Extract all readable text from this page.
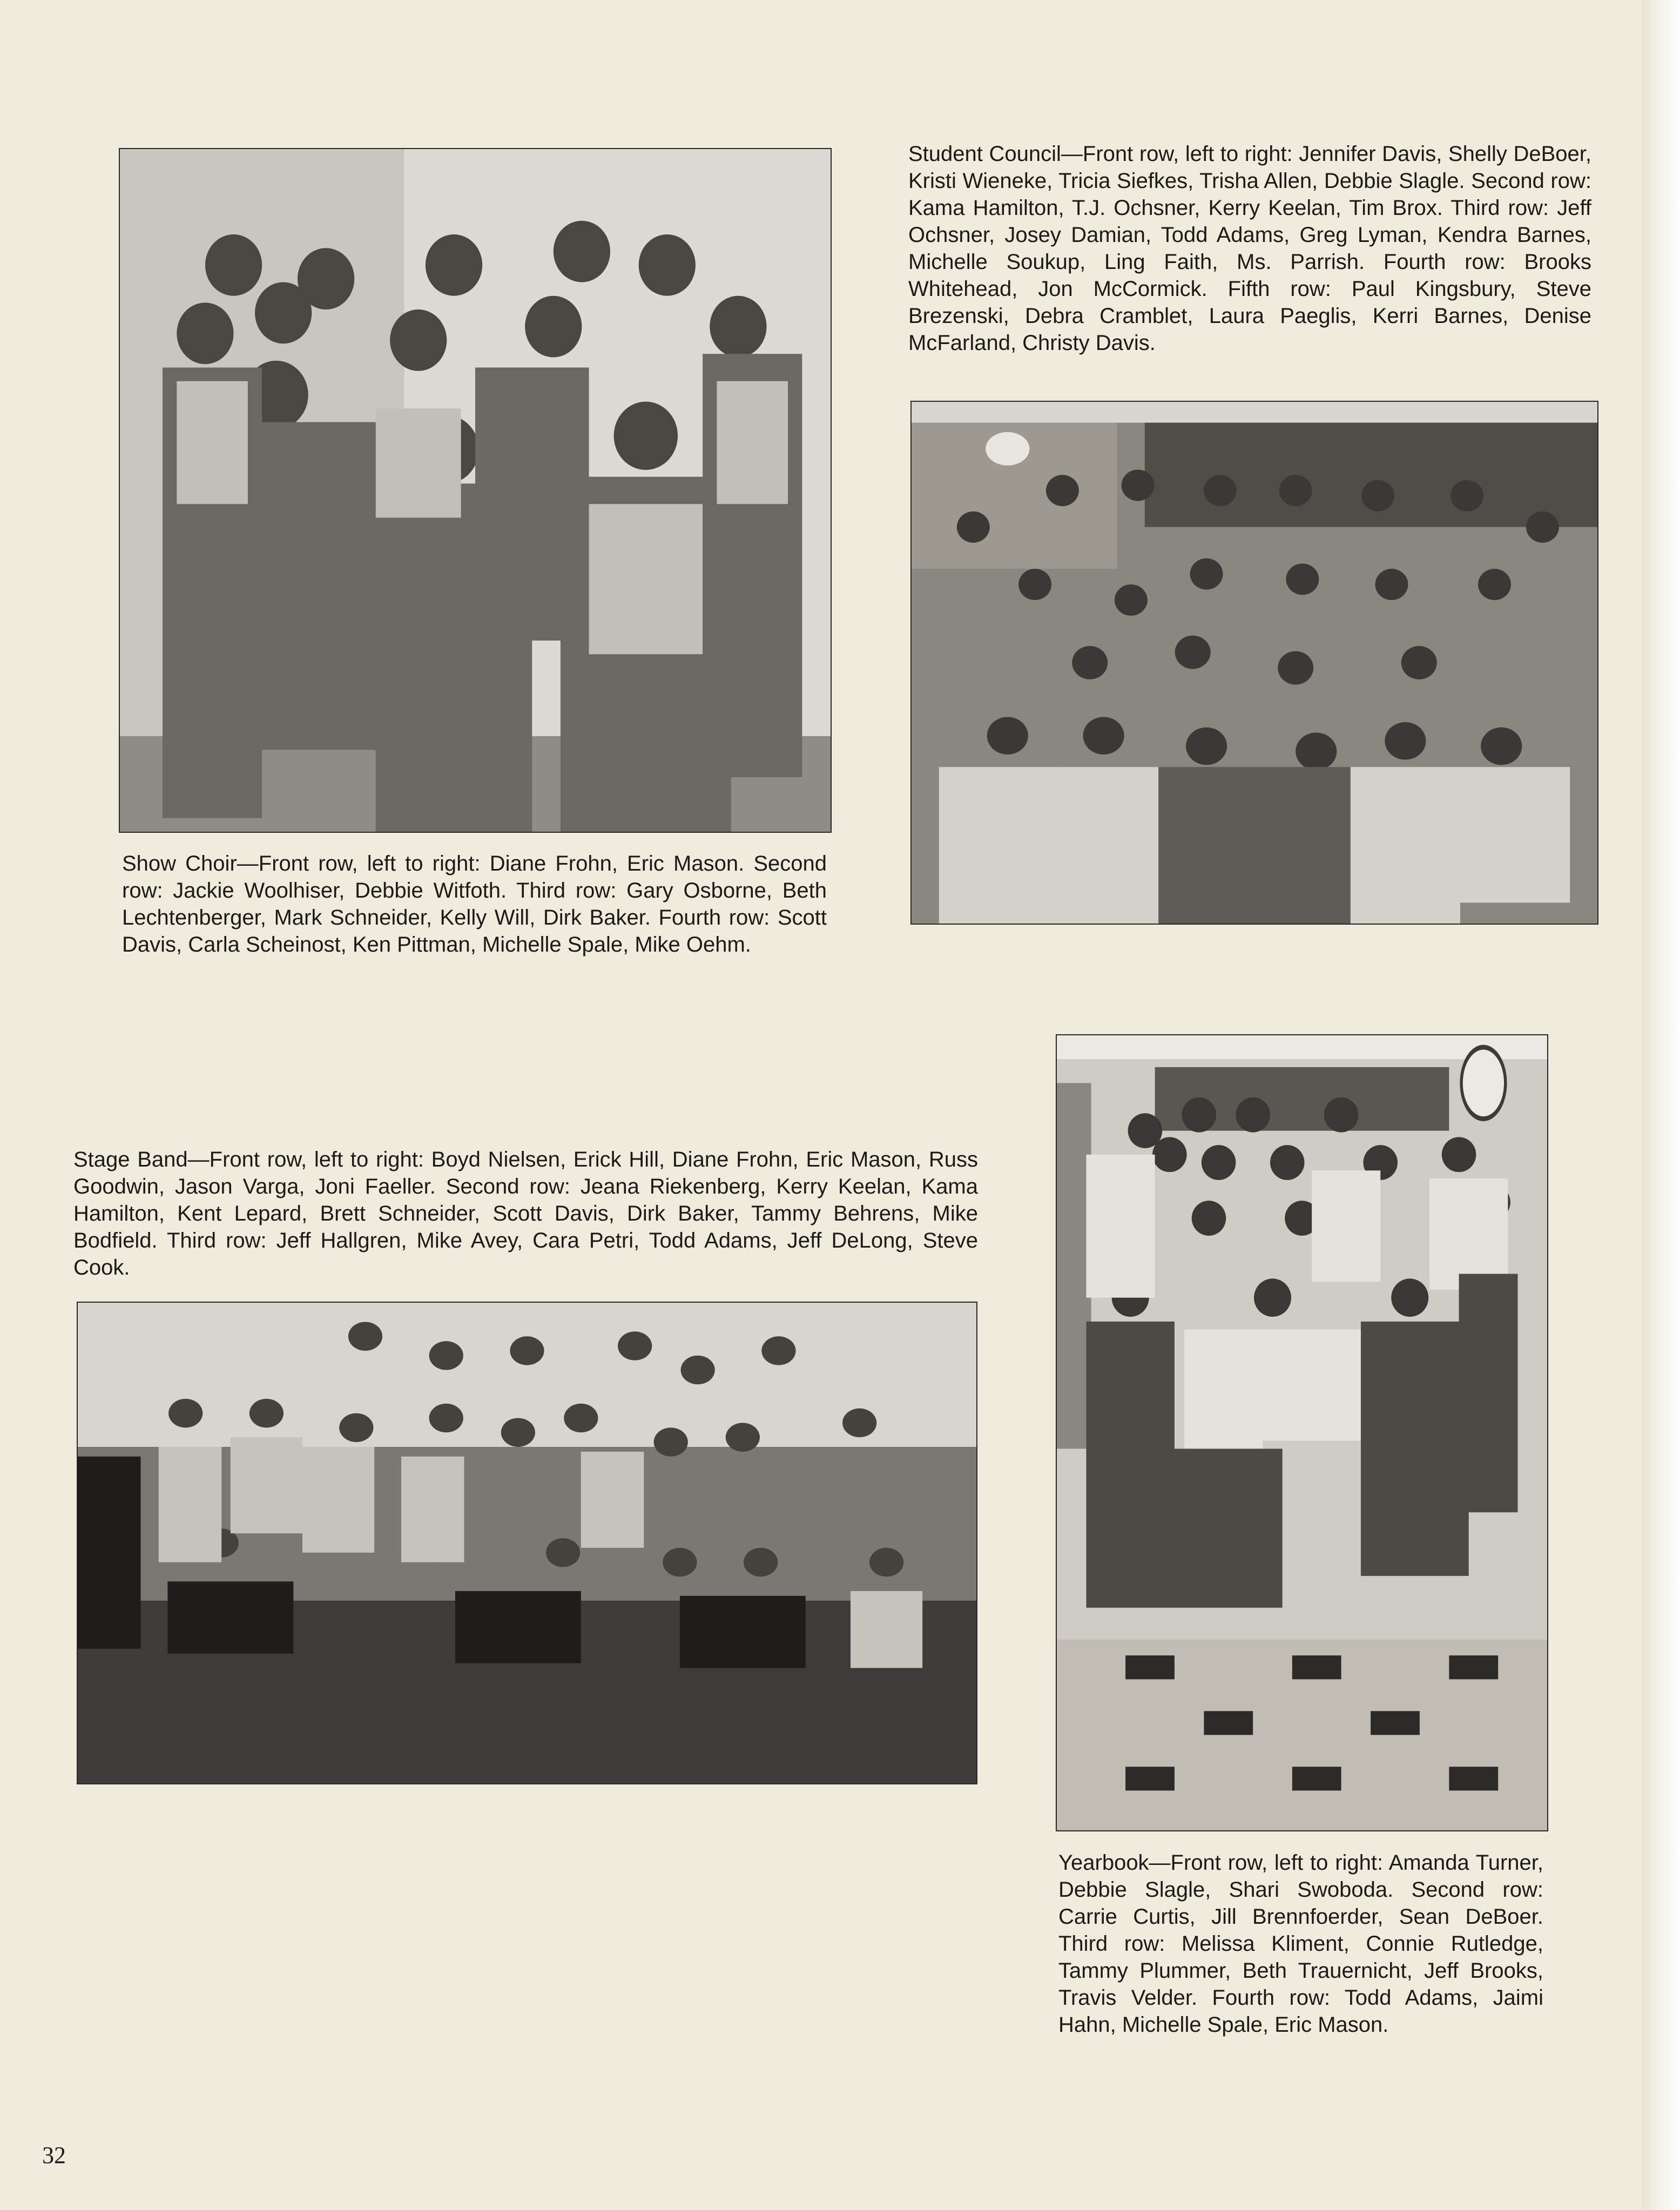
Show Choir—Front row, left to right: Diane Frohn, Eric Mason. Second row: Jackie Woolhiser, Debbie Witfoth. Third row: Gary Osborne, Beth Lechtenberger, Mark Schneider, Kelly Will, Dirk Baker. Fourth row: Scott Davis, Carla Scheinost, Ken Pittman, Michelle Spale, Mike Oehm.

Student Council—Front row, left to right: Jennifer Davis, Shelly DeBoer, Kristi Wieneke, Tricia Siefkes, Trisha Allen, Debbie Slagle. Second row: Kama Hamilton, T.J. Ochsner, Kerry Keelan, Tim Brox. Third row: Jeff Ochsner, Josey Damian, Todd Adams, Greg Lyman, Kendra Barnes, Michelle Soukup, Ling Faith, Ms. Parrish. Fourth row: Brooks Whitehead, Jon McCormick. Fifth row: Paul Kingsbury, Steve Brezenski, Debra Cramblet, Laura Paeglis, Kerri Barnes, Denise McFarland, Christy Davis.

Stage Band—Front row, left to right: Boyd Nielsen, Erick Hill, Diane Frohn, Eric Mason, Russ Goodwin, Jason Varga, Joni Faeller. Second row: Jeana Riekenberg, Kerry Keelan, Kama Hamilton, Kent Lepard, Brett Schneider, Scott Davis, Dirk Baker, Tammy Behrens, Mike Bodfield. Third row: Jeff Hallgren, Mike Avey, Cara Petri, Todd Adams, Jeff DeLong, Steve Cook.

Yearbook—Front row, left to right: Amanda Turner, Debbie Slagle, Shari Swoboda. Second row: Carrie Curtis, Jill Brennfoerder, Sean DeBoer. Third row: Melissa Kliment, Connie Rutledge, Tammy Plummer, Beth Trauernicht, Jeff Brooks, Travis Velder. Fourth row: Todd Adams, Jaimi Hahn, Michelle Spale, Eric Mason.

32
